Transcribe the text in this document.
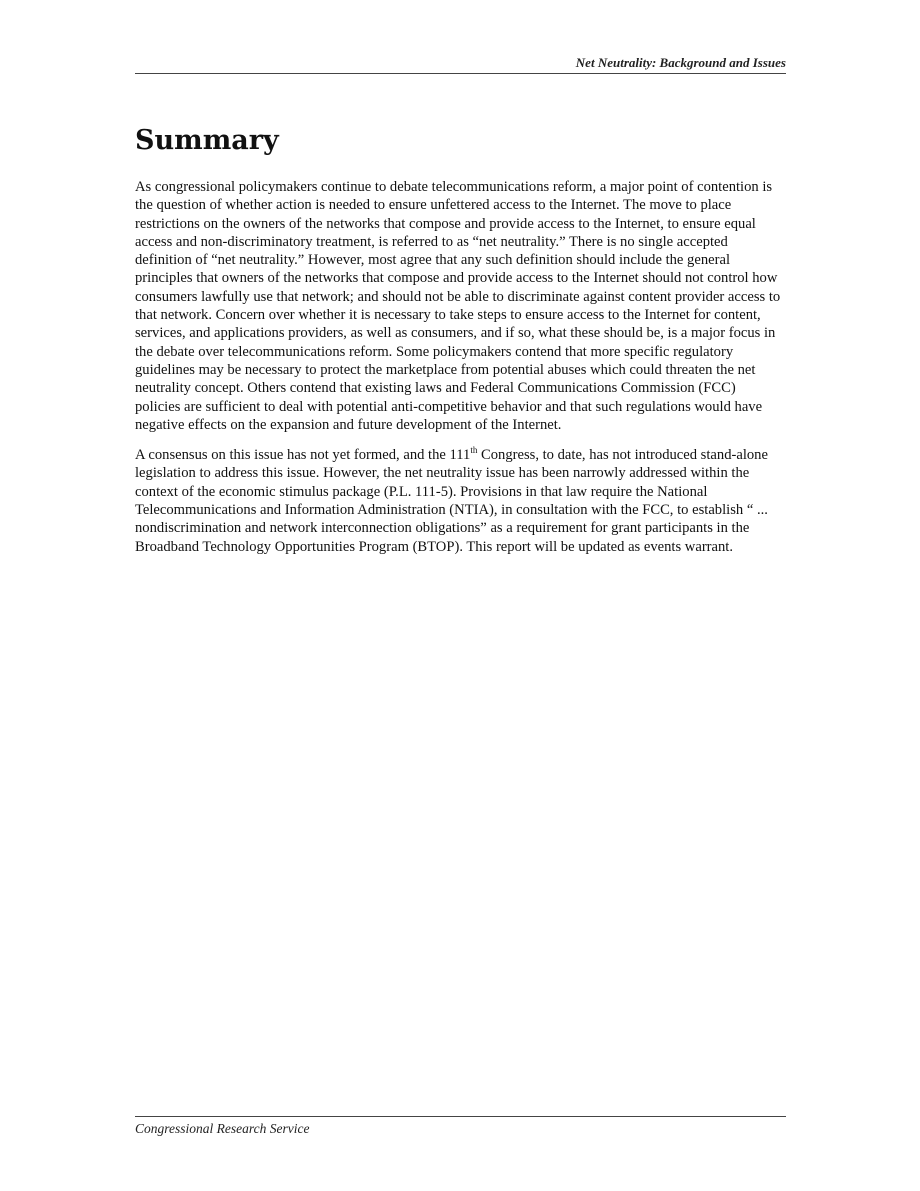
Net Neutrality: Background and Issues
Summary

As congressional policymakers continue to debate telecommunications reform, a major point of contention is the question of whether action is needed to ensure unfettered access to the Internet. The move to place restrictions on the owners of the networks that compose and provide access to the Internet, to ensure equal access and non-discriminatory treatment, is referred to as “net neutrality.” There is no single accepted definition of “net neutrality.” However, most agree that any such definition should include the general principles that owners of the networks that compose and provide access to the Internet should not control how consumers lawfully use that network; and should not be able to discriminate against content provider access to that network. Concern over whether it is necessary to take steps to ensure access to the Internet for content, services, and applications providers, as well as consumers, and if so, what these should be, is a major focus in the debate over telecommunications reform. Some policymakers contend that more specific regulatory guidelines may be necessary to protect the marketplace from potential abuses which could threaten the net neutrality concept. Others contend that existing laws and Federal Communications Commission (FCC) policies are sufficient to deal with potential anti-competitive behavior and that such regulations would have negative effects on the expansion and future development of the Internet.

A consensus on this issue has not yet formed, and the 111th Congress, to date, has not introduced stand-alone legislation to address this issue. However, the net neutrality issue has been narrowly addressed within the context of the economic stimulus package (P.L. 111-5). Provisions in that law require the National Telecommunications and Information Administration (NTIA), in consultation with the FCC, to establish “ ... nondiscrimination and network interconnection obligations” as a requirement for grant participants in the Broadband Technology Opportunities Program (BTOP). This report will be updated as events warrant.

Congressional Research Service
